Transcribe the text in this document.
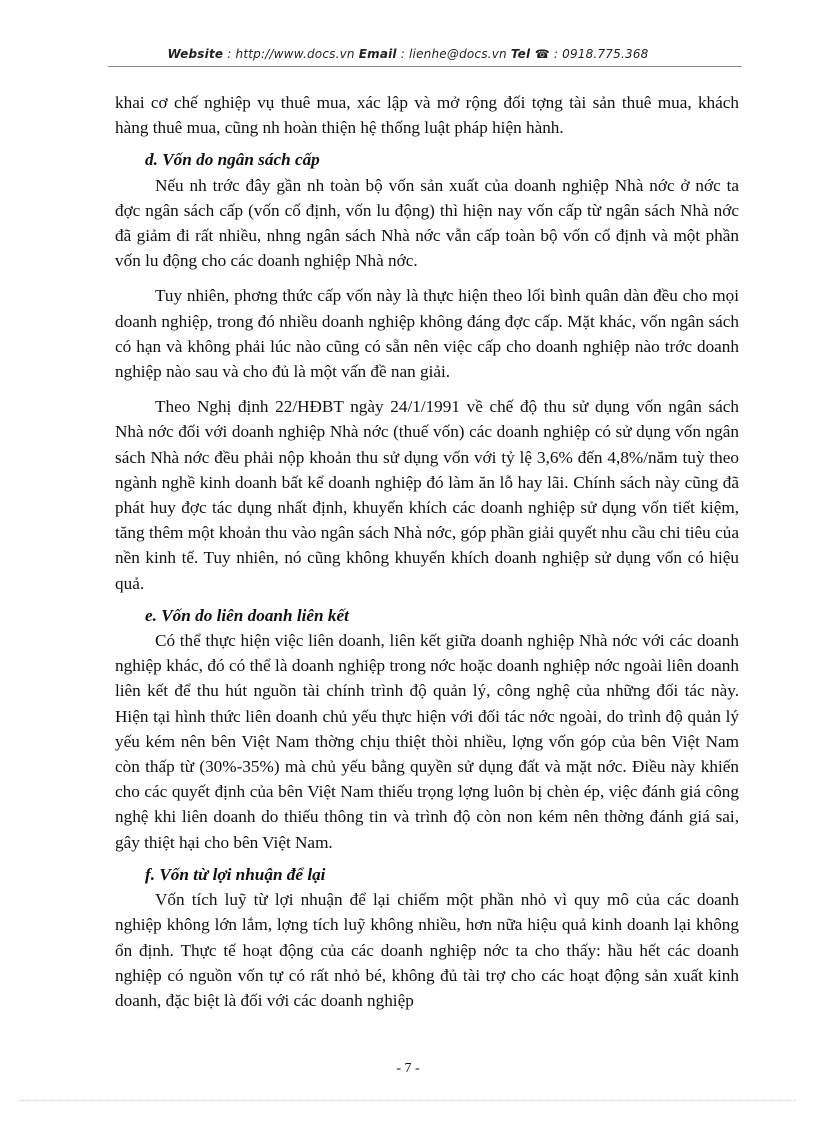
Website : http://www.docs.vn Email : lienhe@docs.vn Tel ☎ : 0918.775.368

khai cơ chế nghiệp vụ thuê mua, xác lập và mở rộng đối tợng tài sản thuê mua, khách hàng thuê mua, cũng nh hoàn thiện hệ thống luật pháp hiện hành.

d. Vốn do ngân sách cấp

Nếu nh trớc đây gần nh toàn bộ vốn sản xuất của doanh nghiệp Nhà nớc ở nớc ta đợc ngân sách cấp (vốn cố định, vốn lu động) thì hiện nay vốn cấp từ ngân sách Nhà nớc đã giảm đi rất nhiều, nhng ngân sách Nhà nớc vẫn cấp toàn bộ vốn cố định và một phần vốn lu động cho các doanh nghiệp Nhà nớc.

Tuy nhiên, phơng thức cấp vốn này là thực hiện theo lối bình quân dàn đều cho mọi doanh nghiệp, trong đó nhiều doanh nghiệp không đáng đợc cấp. Mặt khác, vốn ngân sách có hạn và không phải lúc nào cũng có sẵn nên việc cấp cho doanh nghiệp nào trớc doanh nghiệp nào sau và cho đủ là một vấn đề nan giải.

Theo Nghị định 22/HĐBT ngày 24/1/1991 về chế độ thu sử dụng vốn ngân sách Nhà nớc đối với doanh nghiệp Nhà nớc (thuế vốn) các doanh nghiệp có sử dụng vốn ngân sách Nhà nớc đều phải nộp khoản thu sử dụng vốn với tỷ lệ 3,6% đến 4,8%/năm tuỳ theo ngành nghề kinh doanh bất kể doanh nghiệp đó làm ăn lỗ hay lãi. Chính sách này cũng đã phát huy đợc tác dụng nhất định, khuyến khích các doanh nghiệp sử dụng vốn tiết kiệm, tăng thêm một khoản thu vào ngân sách Nhà nớc, góp phần giải quyết nhu cầu chi tiêu của nền kinh tế. Tuy nhiên, nó cũng không khuyến khích doanh nghiệp sử dụng vốn có hiệu quả.

e. Vốn do liên doanh liên kết

Có thể thực hiện việc liên doanh, liên kết giữa doanh nghiệp Nhà nớc với các doanh nghiệp khác, đó có thể là doanh nghiệp trong nớc hoặc doanh nghiệp nớc ngoài liên doanh liên kết để thu hút nguồn tài chính trình độ quản lý, công nghệ của những đối tác này. Hiện tại hình thức liên doanh chủ yếu thực hiện với đối tác nớc ngoài, do trình độ quản lý yếu kém nên bên Việt Nam thờng chịu thiệt thòi nhiều, lợng vốn góp của bên Việt Nam còn thấp từ (30%-35%) mà chủ yếu bằng quyền sử dụng đất và mặt nớc. Điều này khiến cho các quyết định của bên Việt Nam thiếu trọng lợng luôn bị chèn ép, việc đánh giá công nghệ khi liên doanh do thiếu thông tin và trình độ còn non kém nên thờng đánh giá sai, gây thiệt hại cho bên Việt Nam.

f. Vốn từ lợi nhuận để lại

Vốn tích luỹ từ lợi nhuận để lại chiếm một phần nhỏ vì quy mô của các doanh nghiệp không lớn lắm, lợng tích luỹ không nhiều, hơn nữa hiệu quả kinh doanh lại không ổn định. Thực tế hoạt động của các doanh nghiệp nớc ta cho thấy: hầu hết các doanh nghiệp có nguồn vốn tự có rất nhỏ bé, không đủ tài trợ cho các hoạt động sản xuất kinh doanh, đặc biệt là đối với các doanh nghiệp

- 7 -
